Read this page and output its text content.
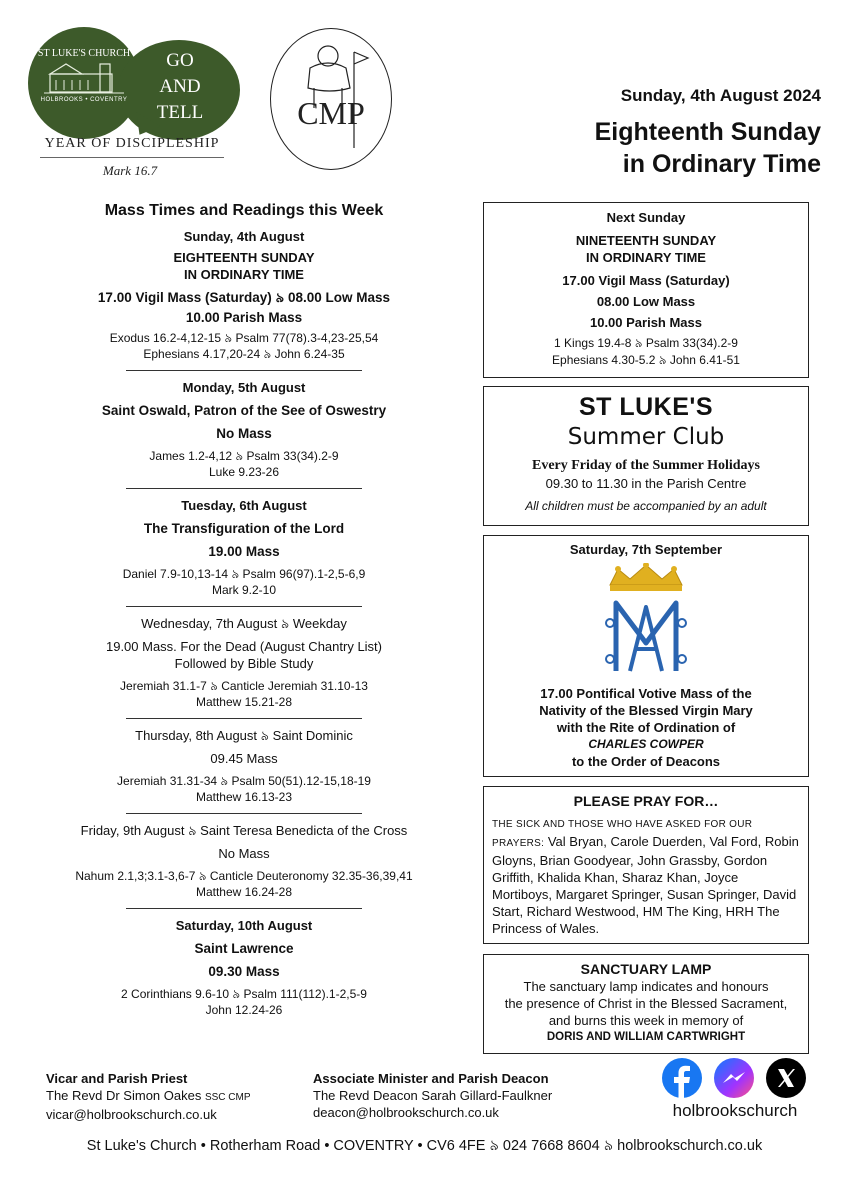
ST LUKE'S CHURCH
HOLBROOKS • COVENTRY
GO
AND
TELL
YEAR OF DISCIPLESHIP
Mark 16.7
CMP	Sunday, 4th August 2024
Eighteenth Sunday
in Ordinary Time
Mass Times and Readings this Week
Sunday, 4th August
EIGHTEENTH SUNDAY
IN ORDINARY TIME
17.00 Vigil Mass (Saturday) ৯ 08.00 Low Mass
10.00 Parish Mass
Exodus 16.2-4,12-15 ৯ Psalm 77(78).3-4,23-25,54
Ephesians 4.17,20-24 ৯ John 6.24-35
Monday, 5th August
Saint Oswald, Patron of the See of Oswestry
No Mass
James 1.2-4,12 ৯ Psalm 33(34).2-9
Luke 9.23-26
Tuesday, 6th August
The Transfiguration of the Lord
19.00 Mass
Daniel 7.9-10,13-14 ৯ Psalm 96(97).1-2,5-6,9
Mark 9.2-10
Wednesday, 7th August ৯ Weekday
19.00 Mass. For the Dead (August Chantry List)
Followed by Bible Study
Jeremiah 31.1-7 ৯ Canticle Jeremiah 31.10-13
Matthew 15.21-28
Thursday, 8th August ৯ Saint Dominic
09.45 Mass
Jeremiah 31.31-34 ৯ Psalm 50(51).12-15,18-19
Matthew 16.13-23
Friday, 9th August ৯ Saint Teresa Benedicta of the Cross
No Mass
Nahum 2.1,3;3.1-3,6-7 ৯ Canticle Deuteronomy 32.35-36,39,41
Matthew 16.24-28
Saturday, 10th August
Saint Lawrence
09.30 Mass
2 Corinthians 9.6-10 ৯ Psalm 111(112).1-2,5-9
John 12.24-26
Next Sunday
NINETEENTH SUNDAY
IN ORDINARY TIME
17.00 Vigil Mass (Saturday)
08.00 Low Mass
10.00 Parish Mass
1 Kings 19.4-8 ৯ Psalm 33(34).2-9
Ephesians 4.30-5.2 ৯ John 6.41-51
ST LUKE'S
Summer Club
Every Friday of the Summer Holidays
09.30 to 11.30 in the Parish Centre
All children must be accompanied by an adult
Saturday, 7th September
17.00 Pontifical Votive Mass of the
Nativity of the Blessed Virgin Mary
with the Rite of Ordination of
CHARLES COWPER
to the Order of Deacons
PLEASE PRAY FOR…
THE SICK AND THOSE WHO HAVE ASKED FOR OUR PRAYERS: Val Bryan, Carole Duerden, Val Ford, Robin Gloyns, Brian Goodyear, John Grassby, Gordon Griffith, Khalida Khan, Sharaz Khan, Joyce Mortiboys, Margaret Springer, Susan Springer, David Start, Richard Westwood, HM The King, HRH The Princess of Wales.
SANCTUARY LAMP
The sanctuary lamp indicates and honours
the presence of Christ in the Blessed Sacrament,
and burns this week in memory of
DORIS AND WILLIAM CARTWRIGHT
Vicar and Parish Priest
The Revd Dr Simon Oakes SSC CMP
vicar@holbrookschurch.co.uk
Associate Minister and Parish Deacon
The Revd Deacon Sarah Gillard-Faulkner
deacon@holbrookschurch.co.uk	holbrookschurch
St Luke's Church • Rotherham Road • COVENTRY • CV6 4FE ৯ 024 7668 8604 ৯ holbrookschurch.co.uk
